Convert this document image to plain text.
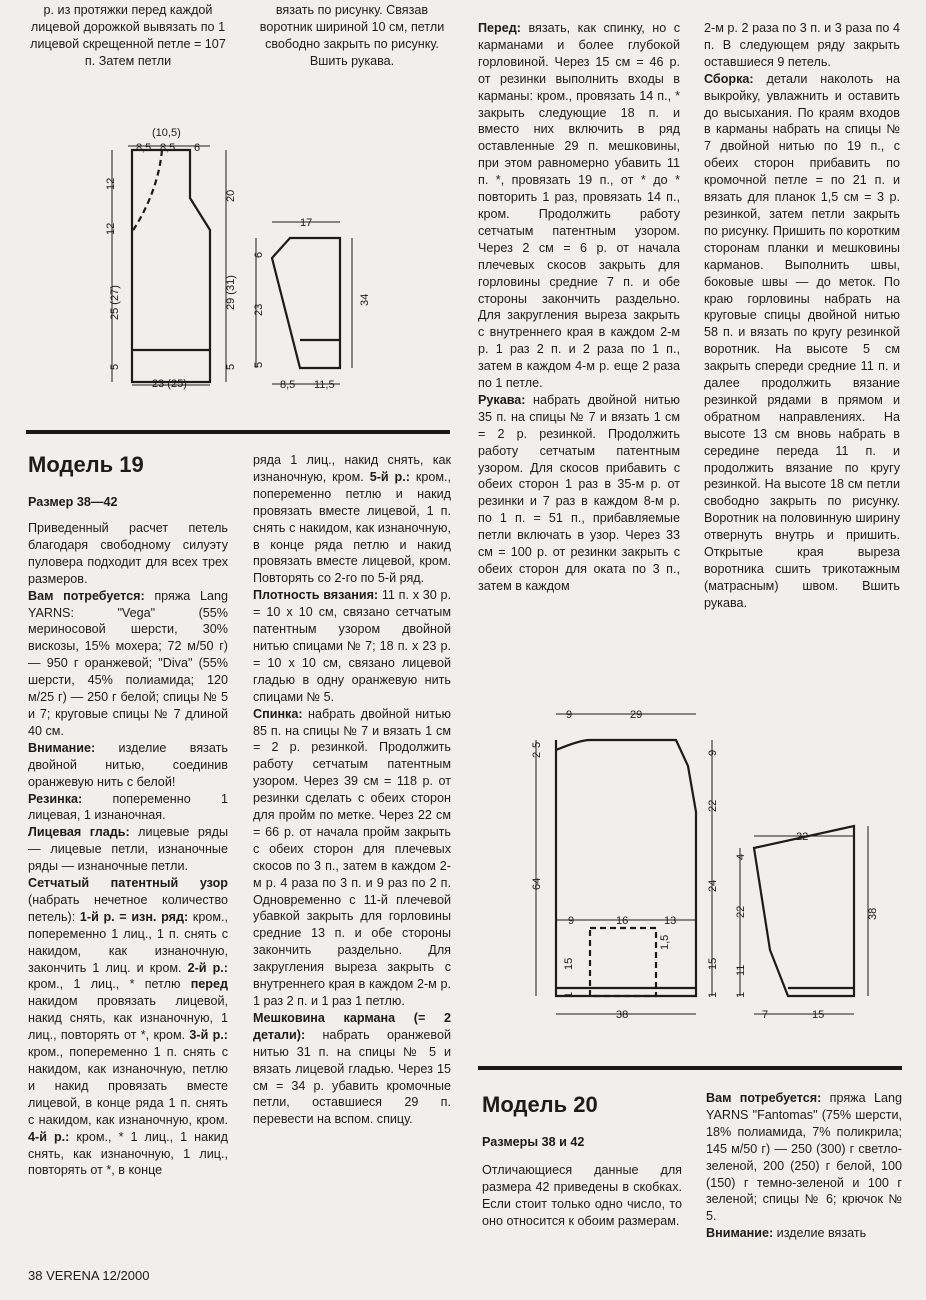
р. из протяжки перед каждой лицевой дорожкой вывязать по 1 лицевой скрещенной петле = 107 п. Затем петли

вязать по рисунку. Связав воротник шириной 10 см, петли свободно закрыть по рисунку. Вшить рукава.

(10,5)
8,5 8,5 6
12
12
25 (27)
5
20
29 (31)
5
23 (25)
17
6
23
5
34
8,5 11,5
Модель 19
Размер 38—42

Приведенный расчет петель благодаря свободному силуэту пуловера подходит для всех трех размеров.

Вам потребуется: пряжа Lang YARNS: "Vega" (55% мериносовой шерсти, 30% вискозы, 15% мохера; 72 м/50 г) — 950 г оранжевой; "Diva" (55% шерсти, 45% полиамида; 120 м/25 г) — 250 г белой; спицы № 5 и 7; круговые спицы № 7 длиной 40 см.

Внимание: изделие вязать двойной нитью, соединив оранжевую нить с белой!

Резинка: попеременно 1 лицевая, 1 изнаночная.

Лицевая гладь: лицевые ряды — лицевые петли, изнаночные ряды — изнаночные петли.

Сетчатый патентный узор (набрать нечетное количество петель): 1-й р. = изн. ряд: кром., попеременно 1 лиц., 1 п. снять с накидом, как изнаночную, закончить 1 лиц. и кром. 2-й р.: кром., 1 лиц., * петлю перед накидом провязать лицевой, накид снять, как изнаночную, 1 лиц., повторять от *, кром. 3-й р.: кром., попеременно 1 п. снять с накидом, как изнаночную, петлю и накид провязать вместе лицевой, в конце ряда 1 п. снять с накидом, как изнаночную, кром. 4-й р.: кром., * 1 лиц., 1 накид снять, как изнаночную, 1 лиц., повторять от *, в конце

ряда 1 лиц., накид снять, как изнаночную, кром. 5-й р.: кром., попеременно петлю и накид провязать вместе лицевой, 1 п. снять с накидом, как изнаночную, в конце ряда петлю и накид провязать вместе лицевой, кром. Повторять со 2-го по 5-й ряд.

Плотность вязания: 11 п. х 30 р. = 10 х 10 см, связано сетчатым патентным узором двойной нитью спицами № 7; 18 п. х 23 р. = 10 х 10 см, связано лицевой гладью в одну оранжевую нить спицами № 5.

Спинка: набрать двойной нитью 85 п. на спицы № 7 и вязать 1 см = 2 р. резинкой. Продолжить работу сетчатым патентным узором. Через 39 см = 118 р. от резинки сделать с обеих сторон для пройм по метке. Через 22 см = 66 р. от начала пройм закрыть с обеих сторон для плечевых скосов по 3 п., затем в каждом 2-м р. 4 раза по 3 п. и 9 раз по 2 п. Одновременно с 11-й плечевой убавкой закрыть для горловины средние 13 п. и обе стороны закончить раздельно. Для закругления выреза закрыть с внутреннего края в каждом 2-м р. 1 раз 2 п. и 1 раз 1 петлю.

Мешковина кармана (= 2 детали): набрать оранжевой нитью 31 п. на спицы № 5 и вязать лицевой гладью. Через 15 см = 34 р. убавить кромочные петли, оставшиеся 29 п. перевести на вспом. спицу.

Перед: вязать, как спинку, но с карманами и более глубокой горловиной. Через 15 см = 46 р. от резинки выполнить входы в карманы: кром., провязать 14 п., * закрыть следующие 18 п. и вместо них включить в ряд оставленные 29 п. мешковины, при этом равномерно убавить 11 п. *, провязать 19 п., от * до * повторить 1 раз, провязать 14 п., кром. Продолжить работу сетчатым патентным узором. Через 2 см = 6 р. от начала плечевых скосов закрыть для горловины средние 7 п. и обе стороны закончить раздельно. Для закругления выреза закрыть с внутреннего края в каждом 2-м р. 1 раз 2 п. и 2 раза по 1 п., затем в каждом 4-м р. еще 2 раза по 1 петле.

Рукава: набрать двойной нитью 35 п. на спицы № 7 и вязать 1 см = 2 р. резинкой. Продолжить работу сетчатым патентным узором. Для скосов прибавить с обеих сторон 1 раз в 35-м р. от резинки и 7 раз в каждом 8-м р. по 1 п. = 51 п., прибавляемые петли включать в узор. Через 33 см = 100 р. от резинки закрыть с обеих сторон для оката по 3 п., затем в каждом

2-м р. 2 раза по 3 п. и 3 раза по 4 п. В следующем ряду закрыть оставшиеся 9 петель.

Сборка: детали наколоть на выкройку, увлажнить и оставить до высыхания. По краям входов в карманы набрать на спицы № 7 двойной нитью по 19 п., с обеих сторон прибавить по кромочной петле = по 21 п. и вязать для планок 1,5 см = 3 р. резинкой, затем петли закрыть по рисунку. Пришить по коротким сторонам планки и мешковины карманов. Выполнить швы, боковые швы — до меток. По краю горловины набрать на круговые спицы двойной нитью 58 п. и вязать по кругу резинкой воротник. На высоте 5 см закрыть спереди средние 11 п. и далее продолжить вязание резинкой рядами в прямом и обратном направлениях. На высоте 13 см вновь набрать в середине переда 11 п. и продолжить вязание по кругу резинкой. На высоте 18 см петли свободно закрыть по рисунку. Воротник на половинную ширину отвернуть внутрь и пришить. Открытые края выреза воротника сшить трикотажным (матрасным) швом. Вшить рукава.

9	29
5
2	9
22
24
15
1
64
9	16	13
1,5
15
1
38
22
4
22
11
1
38
7	15
Модель 20
Размеры 38 и 42

Отличающиеся данные для размера 42 приведены в скобках. Если стоит только одно число, то оно относится к обоим размерам.

Вам потребуется: пряжа Lang YARNS "Fantomas" (75% шерсти, 18% полиамида, 7% поликрила; 145 м/50 г) — 250 (300) г светло-зеленой, 200 (250) г белой, 100 (150) г темно-зеленой и 100 г зеленой; спицы № 6; крючок № 5.

Внимание: изделие вязать

38 VERENA 12/2000
